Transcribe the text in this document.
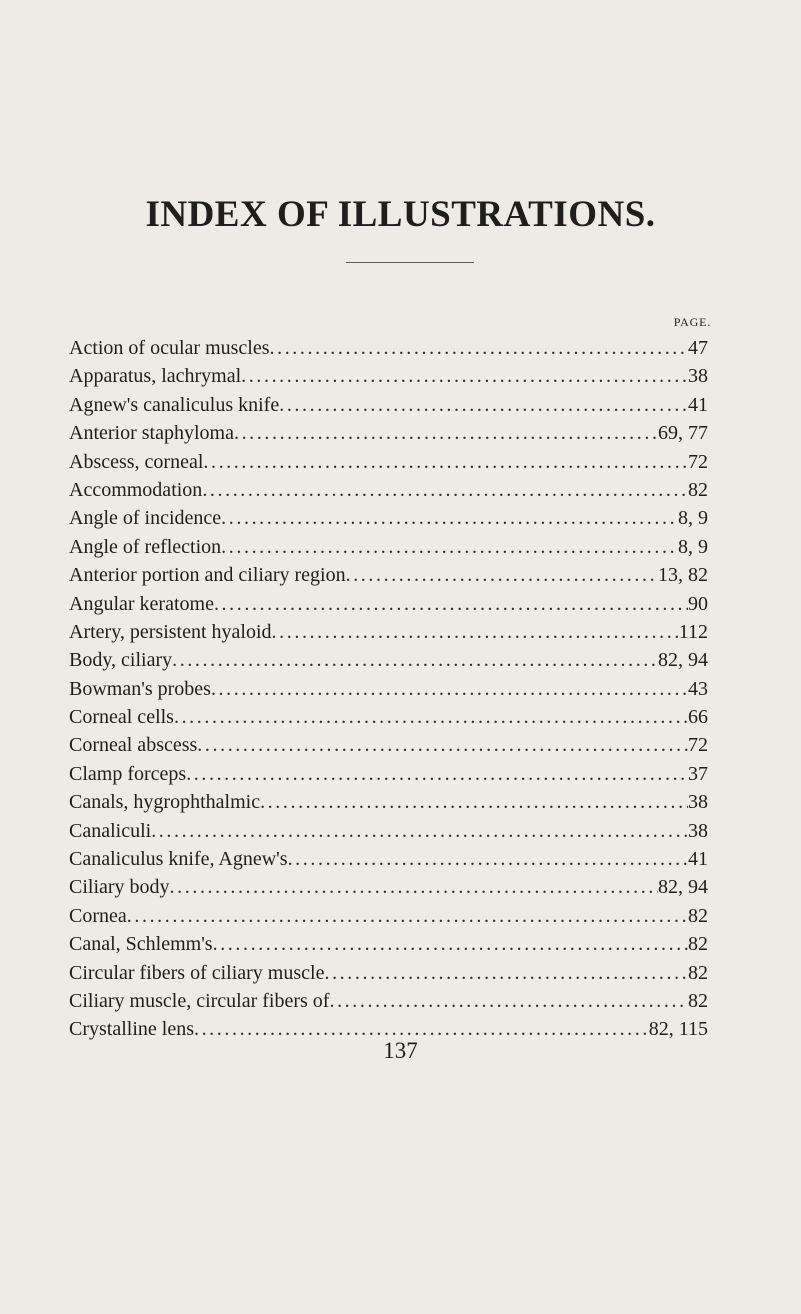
INDEX OF ILLUSTRATIONS.
PAGE.
Action of ocular muscles .....	47
Apparatus, lachrymal .....	38
Agnew's canaliculus knife .....	41
Anterior staphyloma .....	69, 77
Abscess, corneal .....	72
Accommodation .....	82
Angle of incidence .....	8, 9
Angle of reflection .....	8, 9
Anterior portion and ciliary region .....	13, 82
Angular keratome .....	90
Artery, persistent hyaloid .....	112
Body, ciliary .....	82, 94
Bowman's probes .....	43
Corneal cells .....	66
Corneal abscess .....	72
Clamp forceps .....	37
Canals, hygrophthalmic .....	38
Canaliculi .....	38
Canaliculus knife, Agnew's .....	41
Ciliary body .....	82, 94
Cornea .....	82
Canal, Schlemm's .....	82
Circular fibers of ciliary muscle .....	82
Ciliary muscle, circular fibers of .....	82
Crystalline lens .....	82, 115
137
